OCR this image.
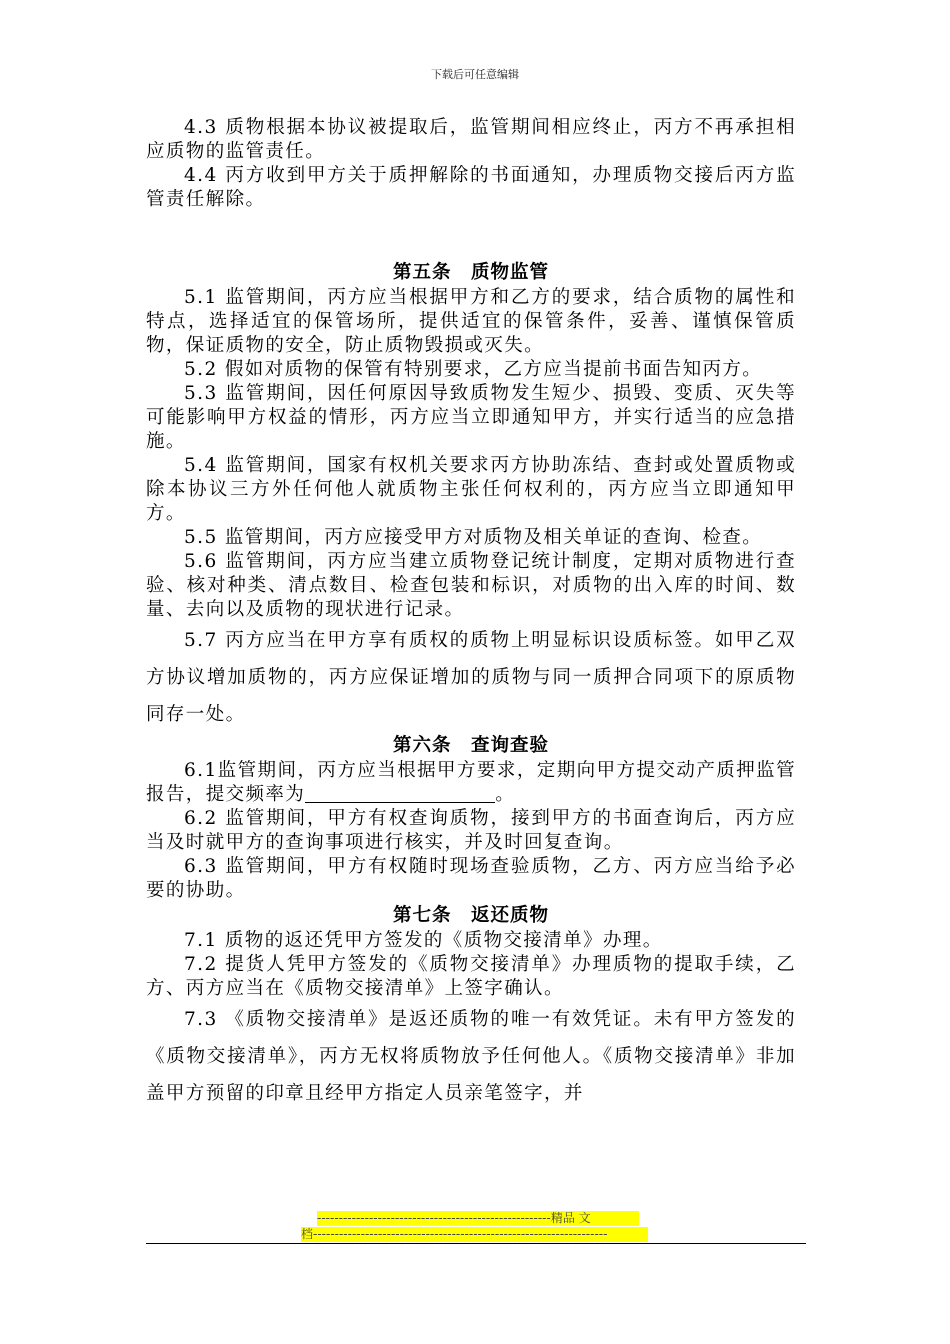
下载后可任意编辑

4.3 质物根据本协议被提取后，监管期间相应终止，丙方不再承担相应质物的监管责任。

4.4 丙方收到甲方关于质押解除的书面通知，办理质物交接后丙方监管责任解除。

第五条　质物监管

5.1 监管期间，丙方应当根据甲方和乙方的要求，结合质物的属性和特点，选择适宜的保管场所，提供适宜的保管条件，妥善、谨慎保管质物，保证质物的安全，防止质物毁损或灭失。

5.2 假如对质物的保管有特别要求，乙方应当提前书面告知丙方。

5.3 监管期间，因任何原因导致质物发生短少、损毁、变质、灭失等可能影响甲方权益的情形，丙方应当立即通知甲方，并实行适当的应急措施。

5.4 监管期间，国家有权机关要求丙方协助冻结、查封或处置质物或除本协议三方外任何他人就质物主张任何权利的，丙方应当立即通知甲方。

5.5 监管期间，丙方应接受甲方对质物及相关单证的查询、检查。

5.6 监管期间，丙方应当建立质物登记统计制度，定期对质物进行查验、核对种类、清点数目、检查包装和标识，对质物的出入库的时间、数量、去向以及质物的现状进行记录。

5.7 丙方应当在甲方享有质权的质物上明显标识设质标签。如甲乙双方协议增加质物的，丙方应保证增加的质物与同一质押合同项下的原质物同存一处。

第六条　查询查验

6.1监管期间，丙方应当根据甲方要求，定期向甲方提交动产质押监管报告，提交频率为	。

6.2 监管期间，甲方有权查询质物，接到甲方的书面查询后，丙方应当及时就甲方的查询事项进行核实，并及时回复查询。

6.3 监管期间，甲方有权随时现场查验质物，乙方、丙方应当给予必要的协助。

第七条　返还质物

7.1 质物的返还凭甲方签发的《质物交接清单》办理。

7.2 提货人凭甲方签发的《质物交接清单》办理质物的提取手续，乙方、丙方应当在《质物交接清单》上签字确认。

7.3 《质物交接清单》是返还质物的唯一有效凭证。未有甲方签发的《质物交接清单》，丙方无权将质物放予任何他人。《质物交接清单》非加盖甲方预留的印章且经甲方指定人员亲笔签字，并

------------------------------------------------------精品 文
档--------------------------------------------------------------------
